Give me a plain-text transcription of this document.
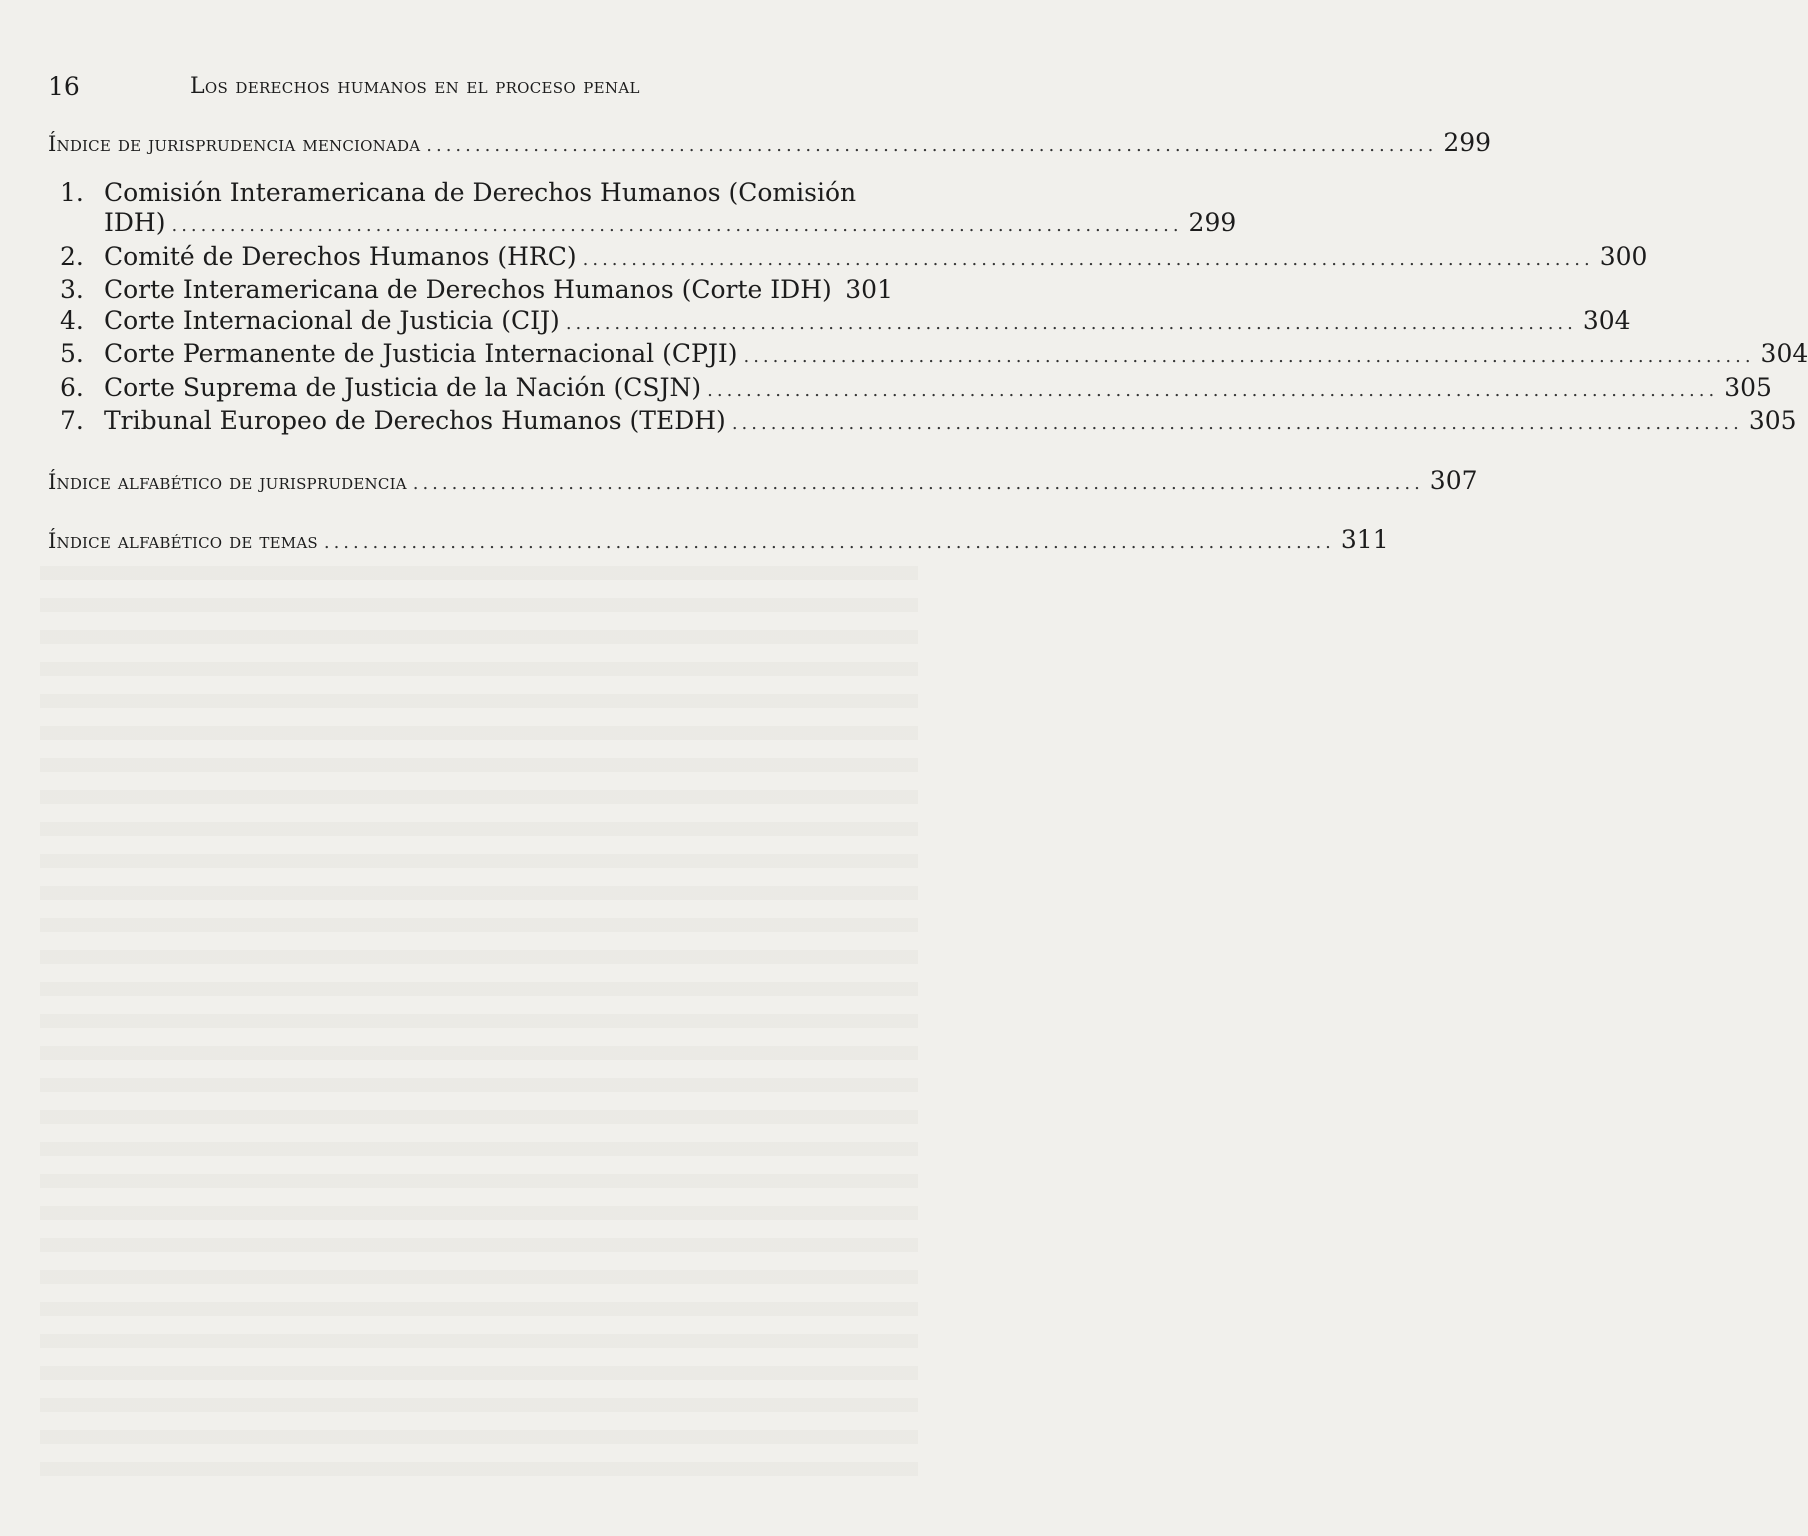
16	Los derechos humanos en el proceso penal
Índice de jurisprudencia mencionada ........................................................................................................ 299
1. Comisión Interamericana de Derechos Humanos (Comisión
IDH) ........................................................................................................ 299
2. Comité de Derechos Humanos (HRC) ........................................................................................................ 300
3. Corte Interamericana de Derechos Humanos (Corte IDH) 301
4. Corte Internacional de Justicia (CIJ) ........................................................................................................ 304
5. Corte Permanente de Justicia Internacional (CPJI) ........................................................................................................ 304
6. Corte Suprema de Justicia de la Nación (CSJN) ........................................................................................................ 305
7. Tribunal Europeo de Derechos Humanos (TEDH) ........................................................................................................ 305
Índice alfabético de jurisprudencia ........................................................................................................ 307
Índice alfabético de temas ........................................................................................................ 311
